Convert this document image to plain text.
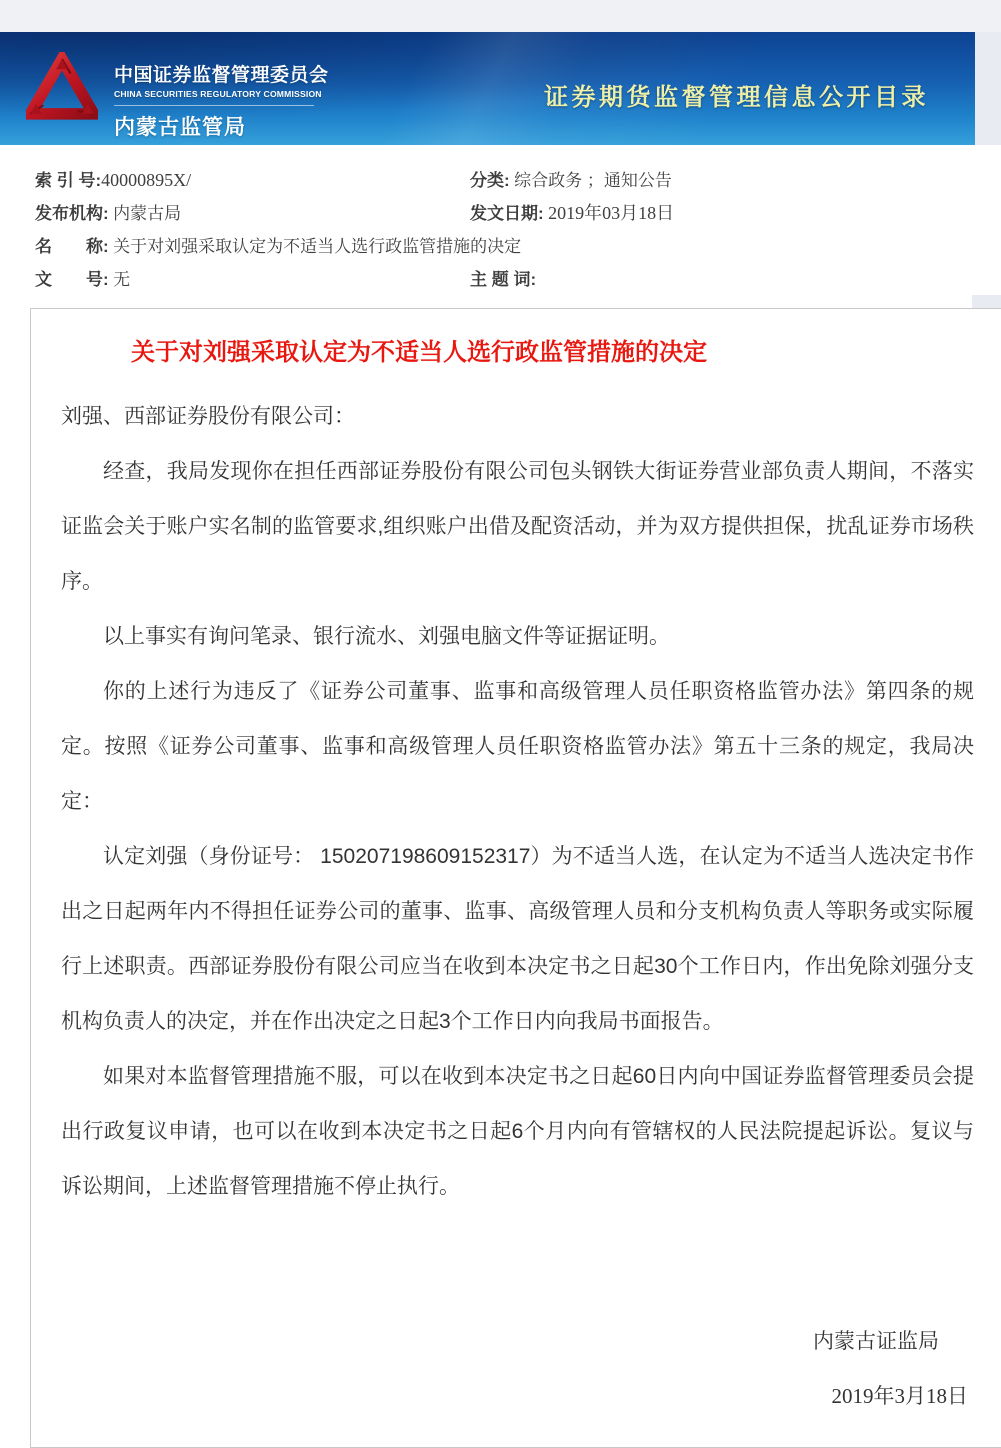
中国证券监督管理委员会
CHINA SECURITIES REGULATORY COMMISSION
内蒙古监管局
证券期货监督管理信息公开目录
索 引 号:40000895X/	分类: 综合政务 ；通知公告
发布机构: 内蒙古局	发文日期: 2019年03月18日
名　　称: 关于对刘强采取认定为不适当人选行政监管措施的决定
文　　号: 无	主 题 词:
关于对刘强采取认定为不适当人选行政监管措施的决定

刘强、西部证券股份有限公司：

经查，我局发现你在担任西部证券股份有限公司包头钢铁大街证券营业部负责人期间，不落实证监会关于账户实名制的监管要求,组织账户出借及配资活动，并为双方提供担保，扰乱证券市场秩序。

以上事实有询问笔录、银行流水、刘强电脑文件等证据证明。

你的上述行为违反了《证券公司董事、监事和高级管理人员任职资格监管办法》第四条的规定。按照《证券公司董事、监事和高级管理人员任职资格监管办法》第五十三条的规定，我局决定：

认定刘强（身份证号： 150207198609152317）为不适当人选，在认定为不适当人选决定书作出之日起两年内不得担任证券公司的董事、监事、高级管理人员和分支机构负责人等职务或实际履行上述职责。西部证券股份有限公司应当在收到本决定书之日起30个工作日内，作出免除刘强分支机构负责人的决定，并在作出决定之日起3个工作日内向我局书面报告。

如果对本监督管理措施不服，可以在收到本决定书之日起60日内向中国证券监督管理委员会提出行政复议申请，也可以在收到本决定书之日起6个月内向有管辖权的人民法院提起诉讼。复议与诉讼期间，上述监督管理措施不停止执行。

内蒙古证监局
2019年3月18日
